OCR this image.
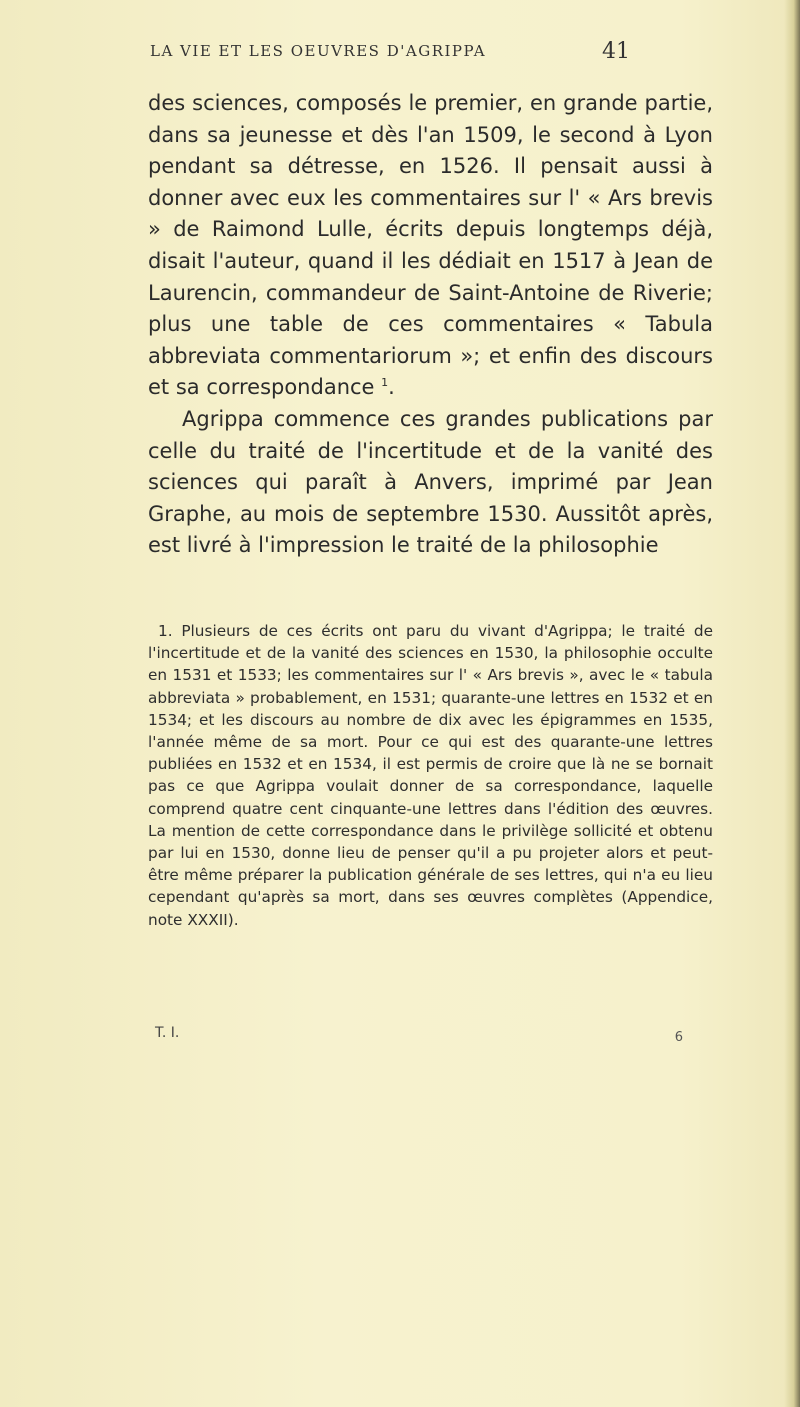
LA VIE ET LES OEUVRES D'AGRIPPA	41

des sciences, composés le premier, en grande partie, dans sa jeunesse et dès l'an 1509, le second à Lyon pendant sa détresse, en 1526. Il pensait aussi à donner avec eux les commentaires sur l' « Ars brevis » de Raimond Lulle, écrits depuis longtemps déjà, disait l'auteur, quand il les dédiait en 1517 à Jean de Laurencin, commandeur de Saint-Antoine de Riverie; plus une table de ces commentaires « Tabula abbreviata commentariorum »; et enfin des discours et sa correspondance $^1$.

Agrippa commence ces grandes publications par celle du traité de l'incertitude et de la vanité des sciences qui paraît à Anvers, imprimé par Jean Graphe, au mois de septembre 1530. Aussitôt après, est livré à l'impression le traité de la philosophie

1. Plusieurs de ces écrits ont paru du vivant d'Agrippa; le traité de l'incertitude et de la vanité des sciences en 1530, la philosophie occulte en 1531 et 1533; les commentaires sur l' « Ars brevis », avec le « tabula abbreviata » probablement, en 1531; quarante-une lettres en 1532 et en 1534; et les discours au nombre de dix avec les épigrammes en 1535, l'année même de sa mort. Pour ce qui est des quarante-une lettres publiées en 1532 et en 1534, il est permis de croire que là ne se bornait pas ce que Agrippa voulait donner de sa correspondance, laquelle comprend quatre cent cinquante-une lettres dans l'édition des œuvres. La mention de cette correspondance dans le privilège sollicité et obtenu par lui en 1530, donne lieu de penser qu'il a pu projeter alors et peut-être même préparer la publication générale de ses lettres, qui n'a eu lieu cependant qu'après sa mort, dans ses œuvres complètes (Appendice, note XXXII).

T. I.	6
